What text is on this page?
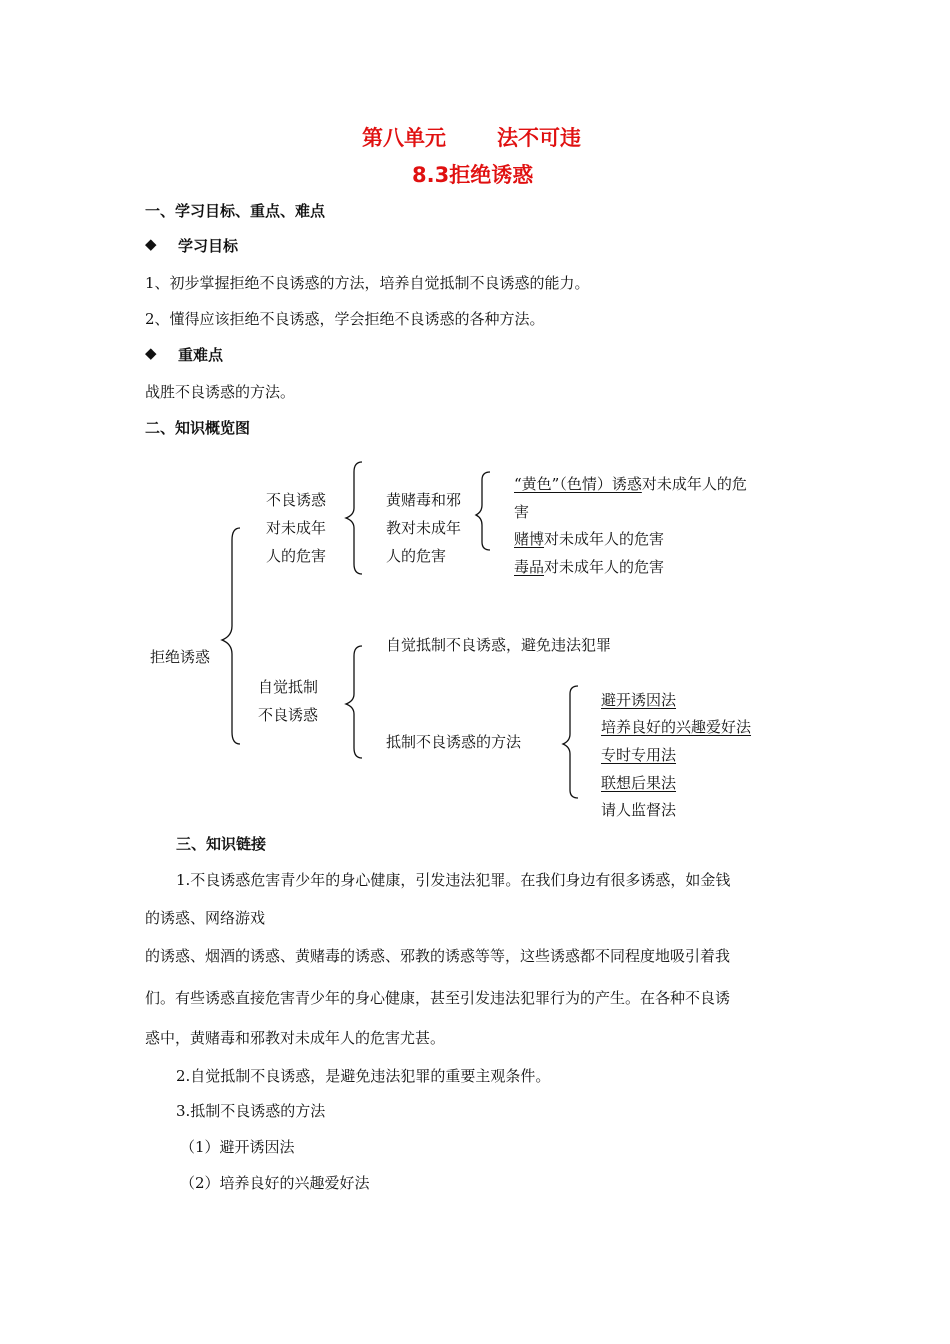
第八单元 法不可违
8.3拒绝诱惑
一、学习目标、重点、难点
◆ 学习目标
1、初步掌握拒绝不良诱惑的方法，培养自觉抵制不良诱惑的能力。
2、懂得应该拒绝不良诱惑，学会拒绝不良诱惑的各种方法。
◆ 重难点
战胜不良诱惑的方法。
二、知识概览图
拒绝诱惑
不良诱惑
对未成年
人的危害
黄赌毒和邪
教对未成年
人的危害
“黄色”（色情）诱惑对未成年人的危
害
赌博对未成年人的危害
毒品对未成年人的危害
自觉抵制
不良诱惑
自觉抵制不良诱惑，避免违法犯罪
抵制不良诱惑的方法
避开诱因法
培养良好的兴趣爱好法
专时专用法
联想后果法
请人监督法
三、知识链接
1.不良诱惑危害青少年的身心健康，引发违法犯罪。在我们身边有很多诱惑，如金钱
的诱惑、网络游戏
的诱惑、烟酒的诱惑、黄赌毒的诱惑、邪教的诱惑等等，这些诱惑都不同程度地吸引着我
们。有些诱惑直接危害青少年的身心健康，甚至引发违法犯罪行为的产生。在各种不良诱
惑中，黄赌毒和邪教对未成年人的危害尤甚。
2.自觉抵制不良诱惑，是避免违法犯罪的重要主观条件。
3.抵制不良诱惑的方法
（1）避开诱因法
（2）培养良好的兴趣爱好法
